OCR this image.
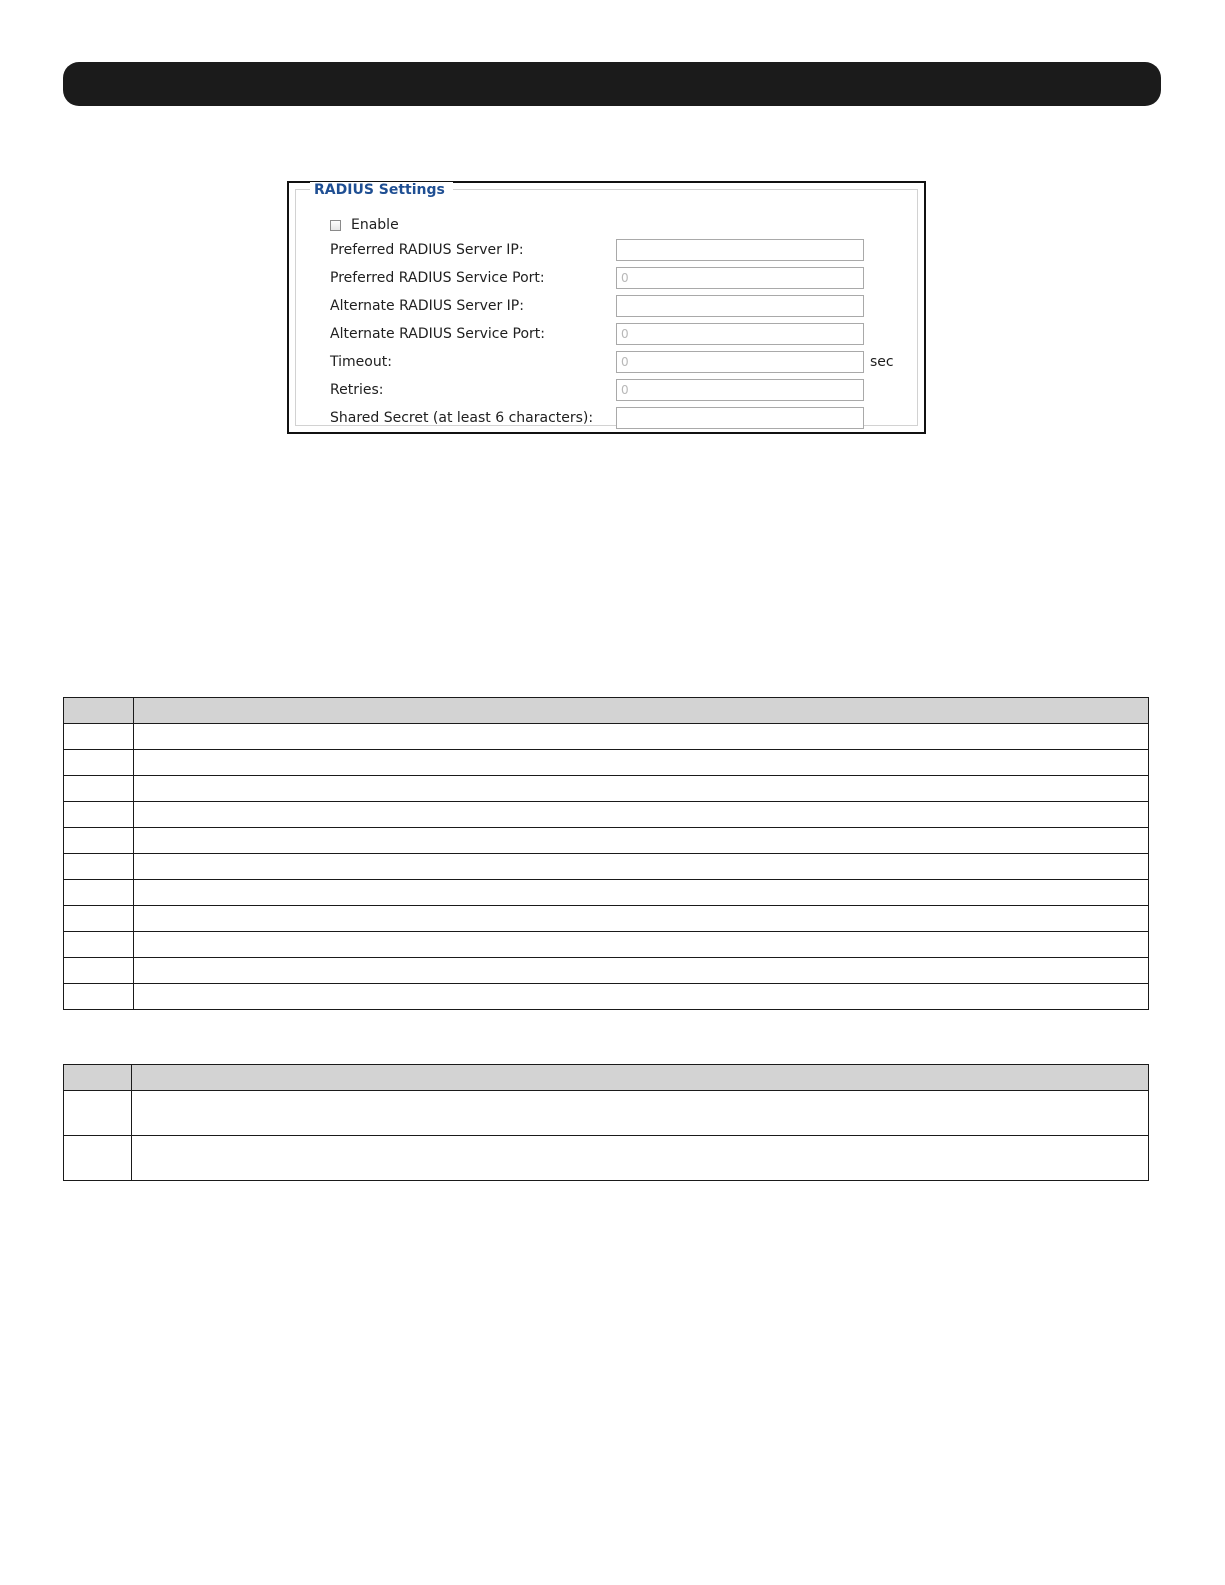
RADIUS Settings
Enable
Preferred RADIUS Server IP:
Preferred RADIUS Service Port:	0
Alternate RADIUS Server IP:
Alternate RADIUS Service Port:	0
Timeout:	0	sec
Retries:	0
Shared Secret (at least 6 characters):
